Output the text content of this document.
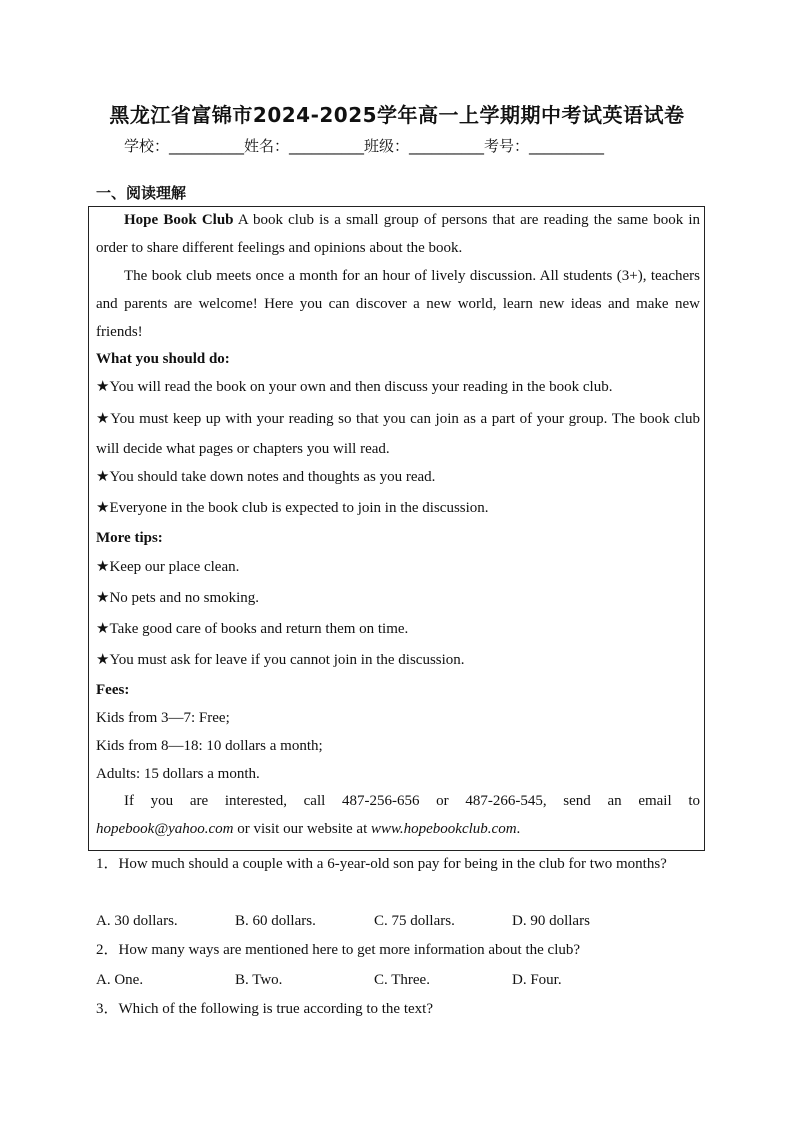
黑龙江省富锦市2024-2025学年高一上学期期中考试英语试卷
学校：__________姓名：__________班级：__________考号：__________
一、阅读理解

Hope Book Club A book club is a small group of persons that are reading the same book in order to share different feelings and opinions about the book.

The book club meets once a month for an hour of lively discussion. All students (3+), teachers and parents are welcome! Here you can discover a new world, learn new ideas and make new friends!

What you should do:

★You will read the book on your own and then discuss your reading in the book club.

★You must keep up with your reading so that you can join as a part of your group. The book club will decide what pages or chapters you will read.

★You should take down notes and thoughts as you read.

★Everyone in the book club is expected to join in the discussion.

More tips:

★Keep our place clean.

★No pets and no smoking.

★Take good care of books and return them on time.

★You must ask for leave if you cannot join in the discussion.

Fees:

Kids from 3—7: Free;

Kids from 8—18: 10 dollars a month;

Adults: 15 dollars a month.

If you are interested, call 487-256-656 or 487-266-545, send an email to

hopebook@yahoo.com or visit our website at www.hopebookclub.com.

1．How much should a couple with a 6-year-old son pay for being in the club for two months?

A. 30 dollars.	B. 60 dollars.	C. 75 dollars.	D. 90 dollars

2．How many ways are mentioned here to get more information about the club?

A. One.	B. Two.	C. Three.	D. Four.

3．Which of the following is true according to the text?
